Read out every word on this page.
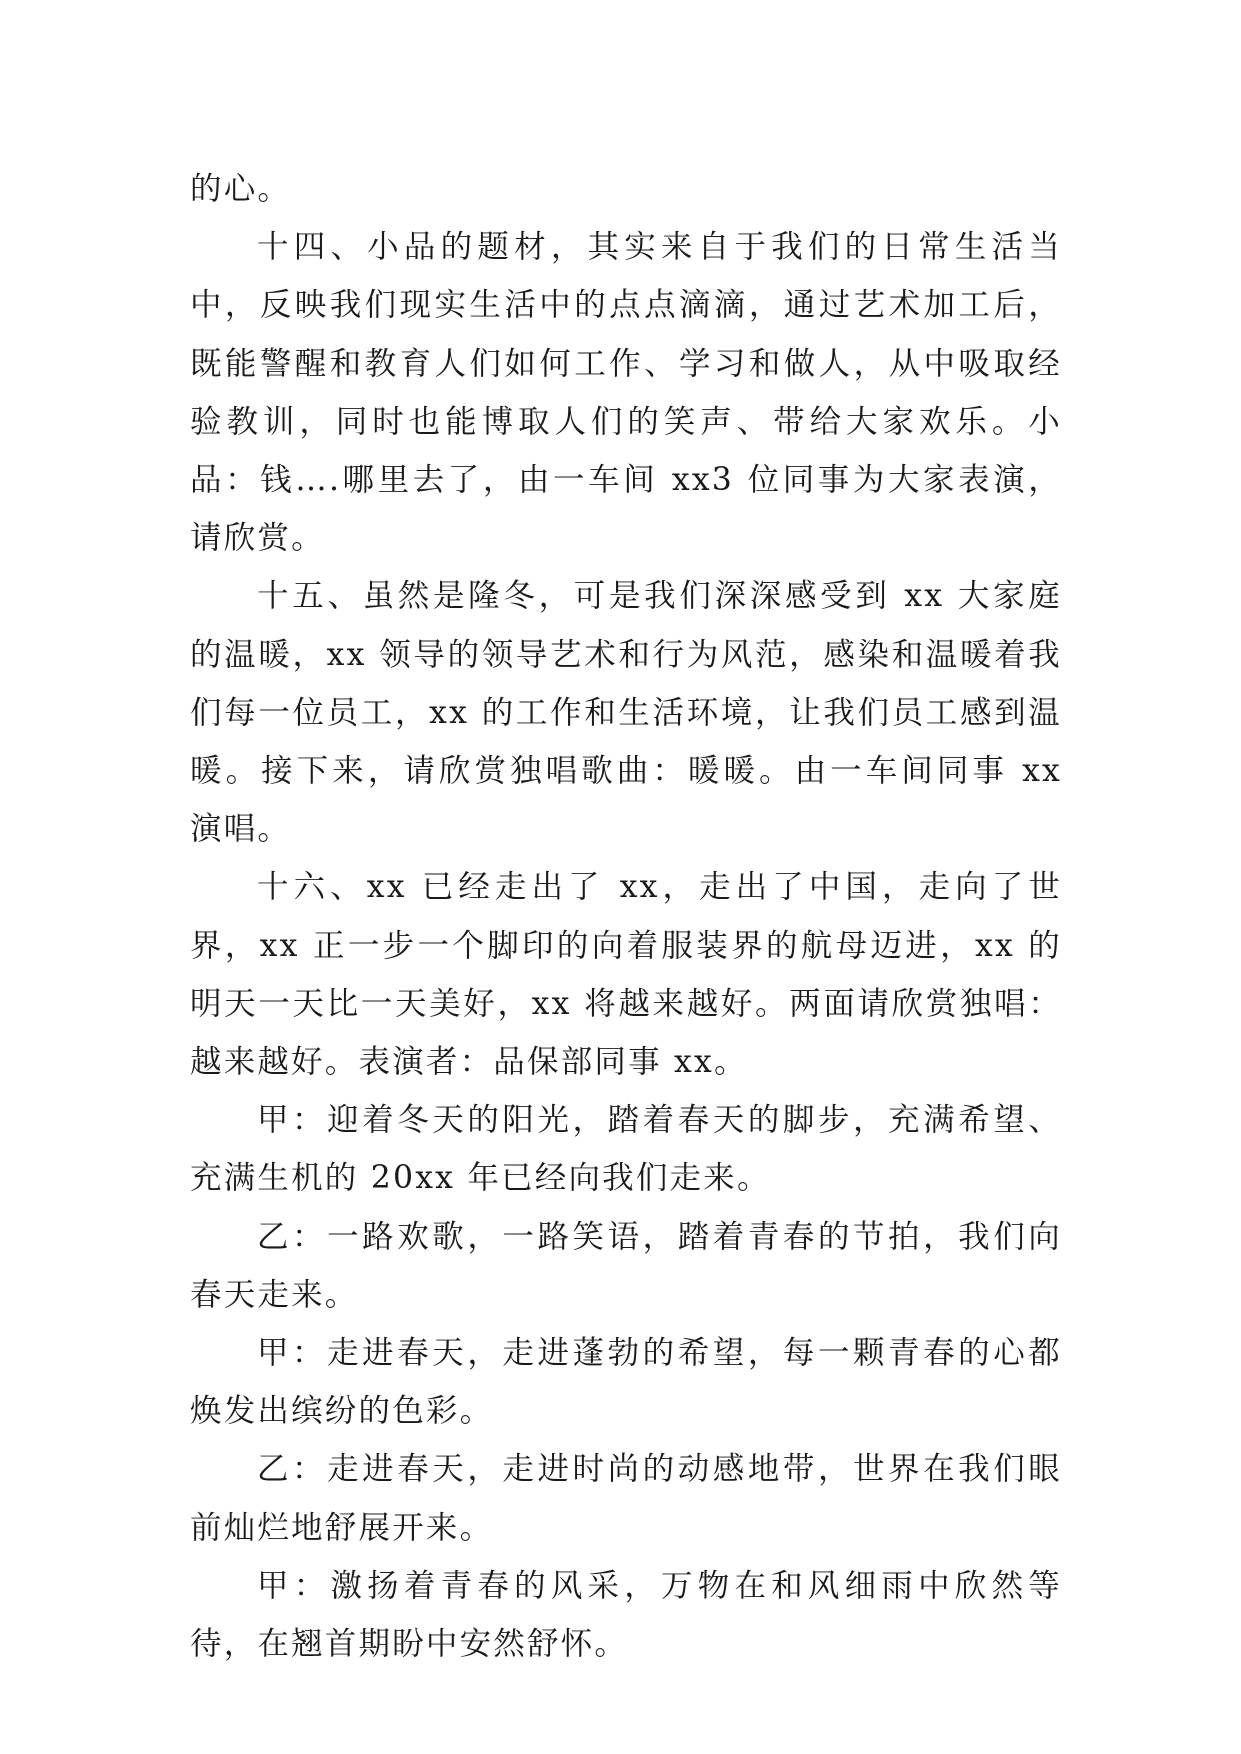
的心。

十四、小品的题材，其实来自于我们的日常生活当中，反映我们现实生活中的点点滴滴，通过艺术加工后，既能警醒和教育人们如何工作、学习和做人，从中吸取经验教训，同时也能博取人们的笑声、带给大家欢乐。小品：钱….哪里去了，由一车间 xx3 位同事为大家表演，请欣赏。

十五、虽然是隆冬，可是我们深深感受到 xx 大家庭的温暖，xx 领导的领导艺术和行为风范，感染和温暖着我们每一位员工，xx 的工作和生活环境，让我们员工感到温暖。接下来，请欣赏独唱歌曲：暖暖。由一车间同事 xx 演唱。

十六、xx 已经走出了 xx，走出了中国，走向了世界，xx 正一步一个脚印的向着服装界的航母迈进，xx 的明天一天比一天美好，xx 将越来越好。两面请欣赏独唱：越来越好。表演者：品保部同事 xx。

甲：迎着冬天的阳光，踏着春天的脚步，充满希望、充满生机的 20xx 年已经向我们走来。

乙：一路欢歌，一路笑语，踏着青春的节拍，我们向春天走来。

甲：走进春天，走进蓬勃的希望，每一颗青春的心都焕发出缤纷的色彩。

乙：走进春天，走进时尚的动感地带，世界在我们眼前灿烂地舒展开来。

甲：激扬着青春的风采，万物在和风细雨中欣然等待，在翘首期盼中安然舒怀。
